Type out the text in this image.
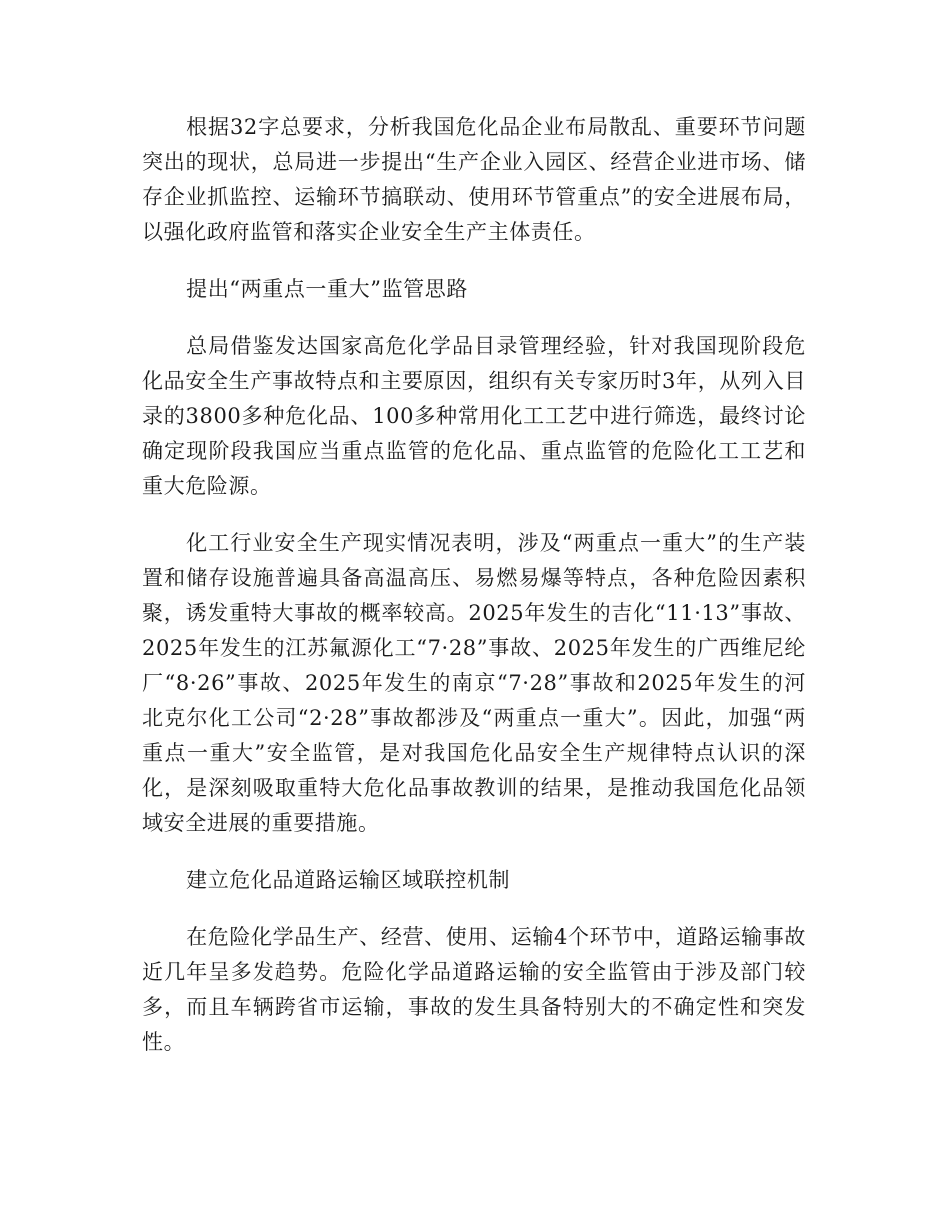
根据32字总要求，分析我国危化品企业布局散乱、重要环节问题突出的现状，总局进一步提出“生产企业入园区、经营企业进市场、储存企业抓监控、运输环节搞联动、使用环节管重点”的安全进展布局，以强化政府监管和落实企业安全生产主体责任。

提出“两重点一重大”监管思路

总局借鉴发达国家高危化学品目录管理经验，针对我国现阶段危化品安全生产事故特点和主要原因，组织有关专家历时3年，从列入目录的3800多种危化品、100多种常用化工工艺中进行筛选，最终讨论确定现阶段我国应当重点监管的危化品、重点监管的危险化工工艺和重大危险源。

化工行业安全生产现实情况表明，涉及“两重点一重大”的生产装置和储存设施普遍具备高温高压、易燃易爆等特点，各种危险因素积聚，诱发重特大事故的概率较高。2025年发生的吉化“11·13”事故、2025年发生的江苏氟源化工“7·28”事故、2025年发生的广西维尼纶厂“8·26”事故、2025年发生的南京“7·28”事故和2025年发生的河北克尔化工公司“2·28”事故都涉及“两重点一重大”。因此，加强“两重点一重大”安全监管，是对我国危化品安全生产规律特点认识的深化，是深刻吸取重特大危化品事故教训的结果，是推动我国危化品领域安全进展的重要措施。

建立危化品道路运输区域联控机制

在危险化学品生产、经营、使用、运输4个环节中，道路运输事故近几年呈多发趋势。危险化学品道路运输的安全监管由于涉及部门较多，而且车辆跨省市运输，事故的发生具备特别大的不确定性和突发性。
